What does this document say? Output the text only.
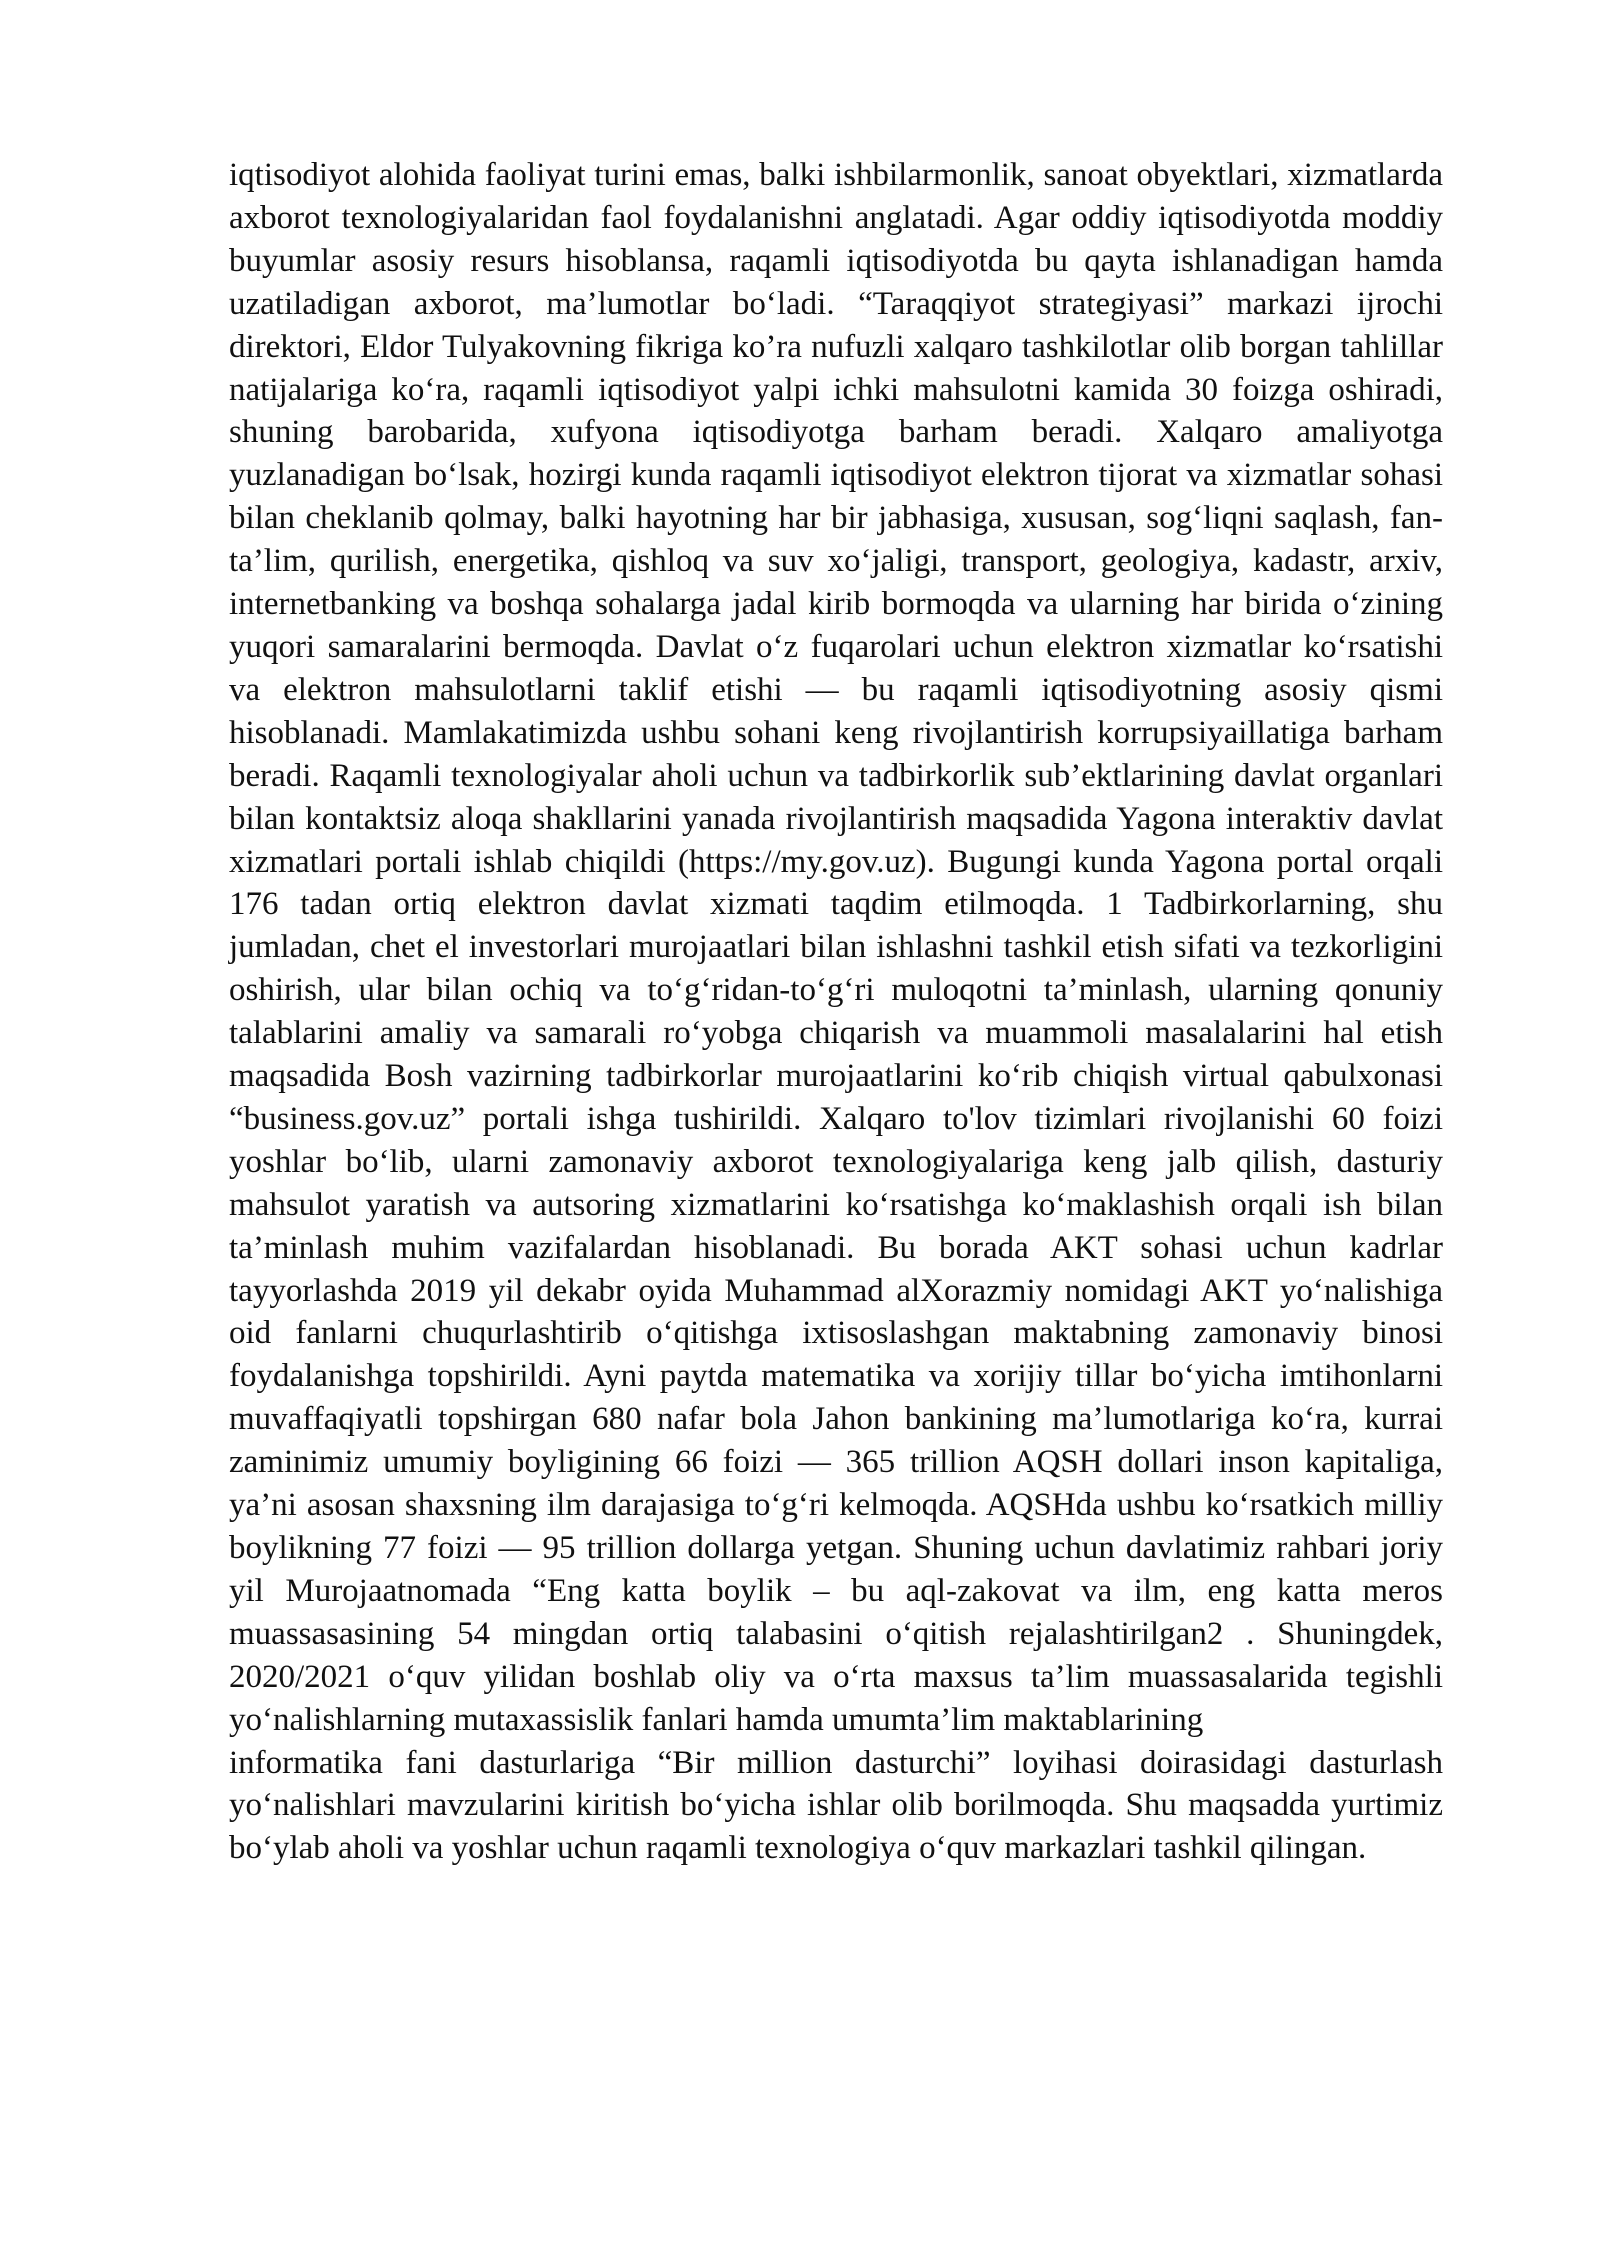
iqtisodiyot alohida faoliyat turini emas, balki ishbilarmonlik, sanoat obyektlari, xizmatlarda axborot texnologiyalaridan faol foydalanishni anglatadi. Agar oddiy iqtisodiyotda moddiy buyumlar asosiy resurs hisoblansa, raqamli iqtisodiyotda bu qayta ishlanadigan hamda uzatiladigan axborot, ma’lumotlar bo‘ladi. “Taraqqiyot strategiyasi” markazi ijrochi direktori, Eldor Tulyakovning fikriga ko’ra nufuzli xalqaro tashkilotlar olib borgan tahlillar natijalariga ko‘ra, raqamli iqtisodiyot yalpi ichki mahsulotni kamida 30 foizga oshiradi, shuning barobarida, xufyona iqtisodiyotga barham beradi. Xalqaro amaliyotga yuzlanadigan bo‘lsak, hozirgi kunda raqamli iqtisodiyot elektron tijorat va xizmatlar sohasi bilan cheklanib qolmay, balki hayotning har bir jabhasiga, xususan, sog‘liqni saqlash, fan-ta’lim, qurilish, energetika, qishloq va suv xo‘jaligi, transport, geologiya, kadastr, arxiv, internetbanking va boshqa sohalarga jadal kirib bormoqda va ularning har birida o‘zining yuqori samaralarini bermoqda. Davlat o‘z fuqarolari uchun elektron xizmatlar ko‘rsatishi va elektron mahsulotlarni taklif etishi — bu raqamli iqtisodiyotning asosiy qismi hisoblanadi. Mamlakatimizda ushbu sohani keng rivojlantirish korrupsiyaillatiga barham beradi. Raqamli texnologiyalar aholi uchun va tadbirkorlik sub’ektlarining davlat organlari bilan kontaktsiz aloqa shakllarini yanada rivojlantirish maqsadida Yagona interaktiv davlat xizmatlari portali ishlab chiqildi (https://my.gov.uz). Bugungi kunda Yagona portal orqali 176 tadan ortiq elektron davlat xizmati taqdim etilmoqda. 1 Tadbirkorlarning, shu jumladan, chet el investorlari murojaatlari bilan ishlashni tashkil etish sifati va tezkorligini oshirish, ular bilan ochiq va to‘g‘ridan-to‘g‘ri muloqotni ta’minlash, ularning qonuniy talablarini amaliy va samarali ro‘yobga chiqarish va muammoli masalalarini hal etish maqsadida Bosh vazirning tadbirkorlar murojaatlarini ko‘rib chiqish virtual qabulxonasi “business.gov.uz” portali ishga tushirildi. Xalqaro to'lov tizimlari rivojlanishi 60 foizi yoshlar bo‘lib, ularni zamonaviy axborot texnologiyalariga keng jalb qilish, dasturiy mahsulot yaratish va autsoring xizmatlarini ko‘rsatishga ko‘maklashish orqali ish bilan ta’minlash muhim vazifalardan hisoblanadi. Bu borada AKT sohasi uchun kadrlar tayyorlashda 2019 yil dekabr oyida Muhammad alXorazmiy nomidagi AKT yo‘nalishiga oid fanlarni chuqurlashtirib o‘qitishga ixtisoslashgan maktabning zamonaviy binosi foydalanishga topshirildi. Ayni paytda matematika va xorijiy tillar bo‘yicha imtihonlarni muvaffaqiyatli topshirgan 680 nafar bola Jahon bankining ma’lumotlariga ko‘ra, kurrai zaminimiz umumiy boyligining 66 foizi — 365 trillion AQSH dollari inson kapitaliga, ya’ni asosan shaxsning ilm darajasiga to‘g‘ri kelmoqda. AQSHda ushbu ko‘rsatkich milliy boylikning 77 foizi — 95 trillion dollarga yetgan. Shuning uchun davlatimiz rahbari joriy yil Murojaatnomada “Eng katta boylik – bu aql-zakovat va ilm, eng katta meros muassasasining 54 mingdan ortiq talabasini o‘qitish rejalashtirilgan2 . Shuningdek, 2020/2021 o‘quv yilidan boshlab oliy va o‘rta maxsus ta’lim muassasalarida tegishli yo‘nalishlarning mutaxassislik fanlari hamda umumta’lim maktablarining

informatika fani dasturlariga “Bir million dasturchi” loyihasi doirasidagi dasturlash yo‘nalishlari mavzularini kiritish bo‘yicha ishlar olib borilmoqda. Shu maqsadda yurtimiz bo‘ylab aholi va yoshlar uchun raqamli texnologiya o‘quv markazlari tashkil qilingan.
